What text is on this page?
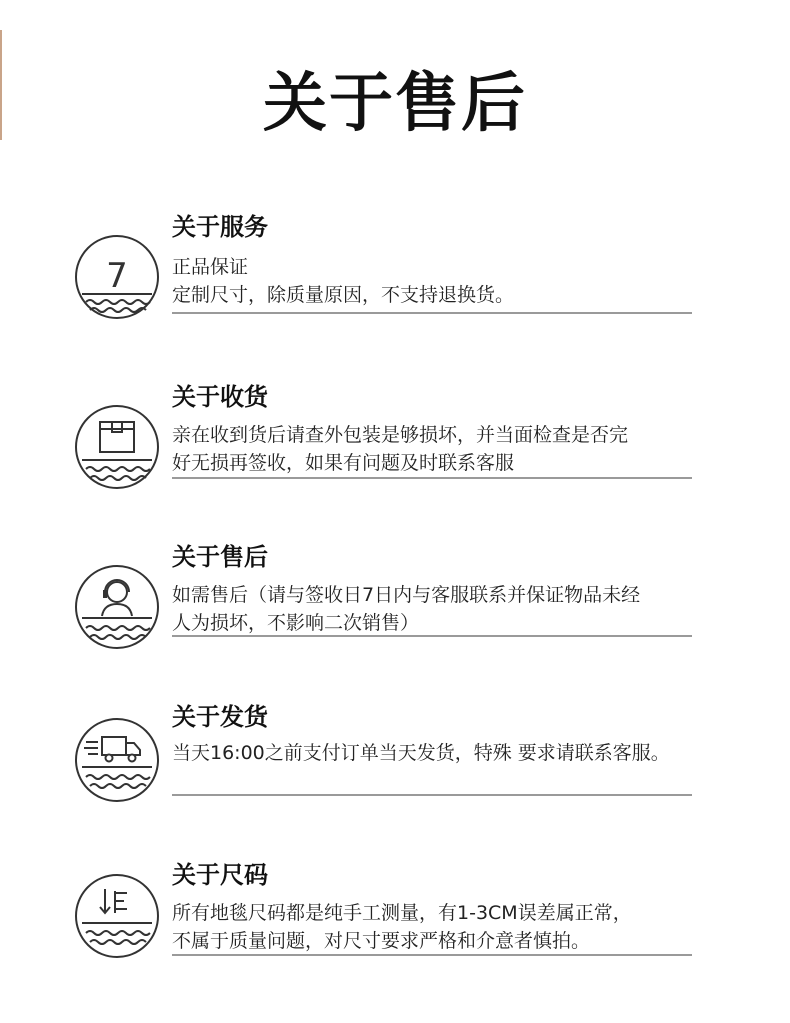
关于售后
7
关于服务
正品保证
定制尺寸，除质量原因，不支持退换货。
关于收货
亲在收到货后请查外包装是够损坏，并当面检查是否完
好无损再签收，如果有问题及时联系客服
关于售后
如需售后（请与签收日7日内与客服联系并保证物品未经
人为损坏，不影响二次销售）
关于发货
当天16:00之前支付订单当天发货，特殊 要求请联系客服。
关于尺码
所有地毯尺码都是纯手工测量，有1-3CM误差属正常，
不属于质量问题，对尺寸要求严格和介意者慎拍。
